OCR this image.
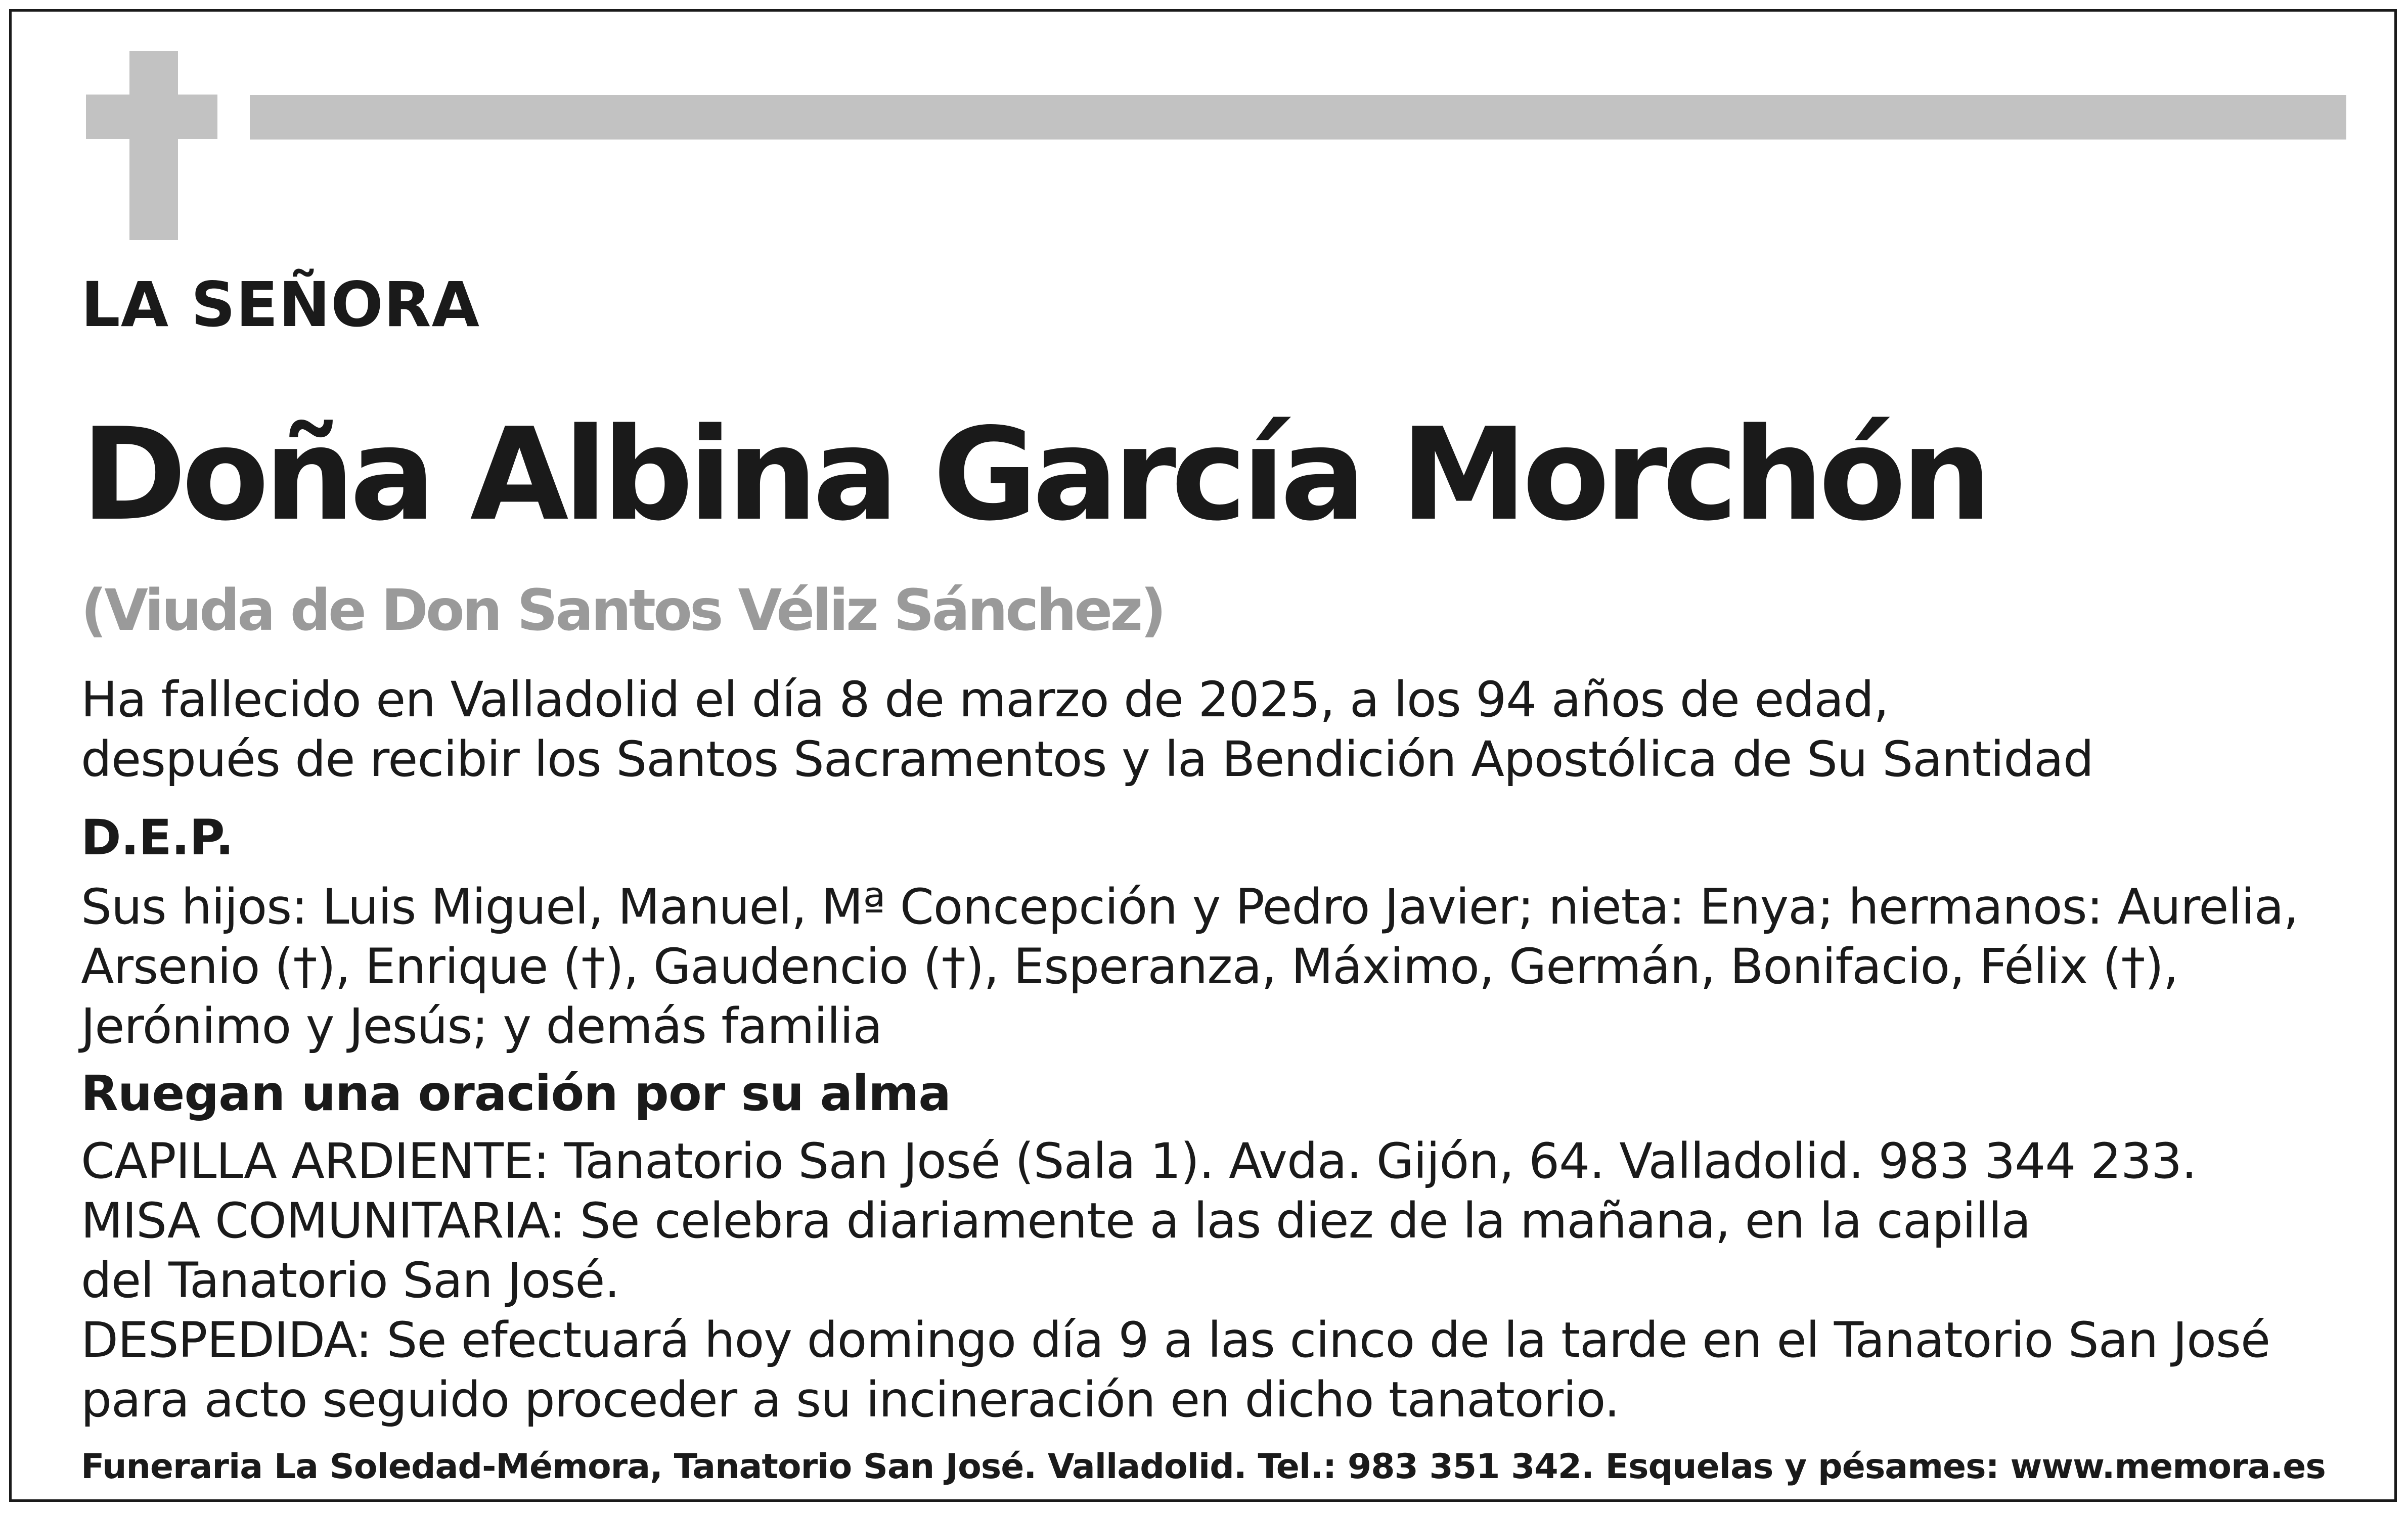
LA SEÑORA

Doña Albina García Morchón

(Viuda de Don Santos Véliz Sánchez)

Ha fallecido en Valladolid el día 8 de marzo de 2025, a los 94 años de edad,

después de recibir los Santos Sacramentos y la Bendición Apostólica de Su Santidad

D.E.P.

Sus hijos: Luis Miguel, Manuel, Mª Concepción y Pedro Javier; nieta: Enya; hermanos: Aurelia,

Arsenio (†), Enrique (†), Gaudencio (†), Esperanza, Máximo, Germán, Bonifacio, Félix (†),

Jerónimo y Jesús; y demás familia

Ruegan una oración por su alma

CAPILLA ARDIENTE: Tanatorio San José (Sala 1). Avda. Gijón, 64. Valladolid. 983 344 233.

MISA COMUNITARIA: Se celebra diariamente a las diez de la mañana, en la capilla

del Tanatorio San José.

DESPEDIDA: Se efectuará hoy domingo día 9 a las cinco de la tarde en el Tanatorio San José

para acto seguido proceder a su incineración en dicho tanatorio.

Funeraria La Soledad-Mémora, Tanatorio San José. Valladolid. Tel.: 983 351 342. Esquelas y pésames: www.memora.es
